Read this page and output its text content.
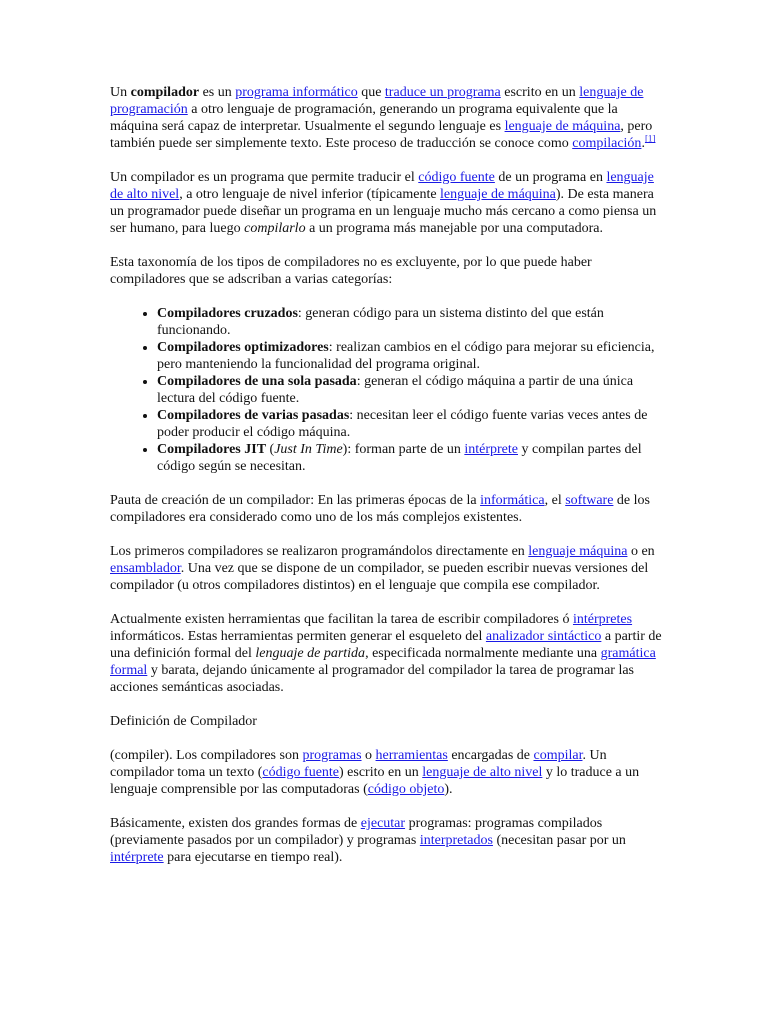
Un compilador es un programa informático que traduce un programa escrito en un lenguaje de programación a otro lenguaje de programación, generando un programa equivalente que la máquina será capaz de interpretar. Usualmente el segundo lenguaje es lenguaje de máquina, pero también puede ser simplemente texto. Este proceso de traducción se conoce como compilación.[1]

Un compilador es un programa que permite traducir el código fuente de un programa en lenguaje de alto nivel, a otro lenguaje de nivel inferior (típicamente lenguaje de máquina). De esta manera un programador puede diseñar un programa en un lenguaje mucho más cercano a como piensa un ser humano, para luego compilarlo a un programa más manejable por una computadora.

Esta taxonomía de los tipos de compiladores no es excluyente, por lo que puede haber compiladores que se adscriban a varias categorías:

• Compiladores cruzados: generan código para un sistema distinto del que están funcionando.
• Compiladores optimizadores: realizan cambios en el código para mejorar su eficiencia, pero manteniendo la funcionalidad del programa original.
• Compiladores de una sola pasada: generan el código máquina a partir de una única lectura del código fuente.
• Compiladores de varias pasadas: necesitan leer el código fuente varias veces antes de poder producir el código máquina.
• Compiladores JIT (Just In Time): forman parte de un intérprete y compilan partes del código según se necesitan.

Pauta de creación de un compilador: En las primeras épocas de la informática, el software de los compiladores era considerado como uno de los más complejos existentes.

Los primeros compiladores se realizaron programándolos directamente en lenguaje máquina o en ensamblador. Una vez que se dispone de un compilador, se pueden escribir nuevas versiones del compilador (u otros compiladores distintos) en el lenguaje que compila ese compilador.

Actualmente existen herramientas que facilitan la tarea de escribir compiladores ó intérpretes informáticos. Estas herramientas permiten generar el esqueleto del analizador sintáctico a partir de una definición formal del lenguaje de partida, especificada normalmente mediante una gramática formal y barata, dejando únicamente al programador del compilador la tarea de programar las acciones semánticas asociadas.

Definición de Compilador

(compiler). Los compiladores son programas o herramientas encargadas de compilar. Un compilador toma un texto (código fuente) escrito en un lenguaje de alto nivel y lo traduce a un lenguaje comprensible por las computadoras (código objeto).

Básicamente, existen dos grandes formas de ejecutar programas: programas compilados (previamente pasados por un compilador) y programas interpretados (necesitan pasar por un intérprete para ejecutarse en tiempo real).
